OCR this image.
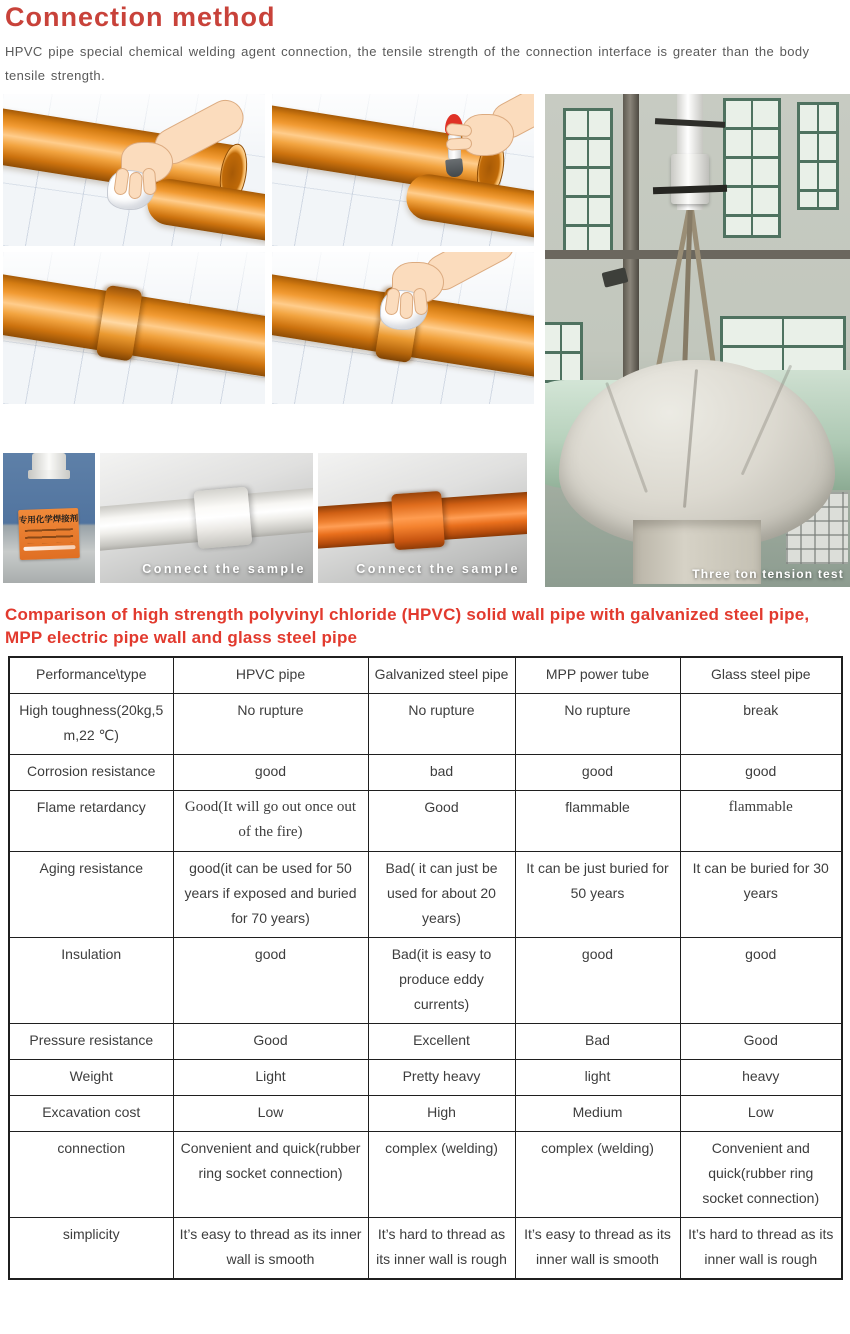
Connection method

HPVC pipe special chemical welding agent connection, the tensile strength of the connection interface is greater than the body tensile strength.

专用化学焊接剂
Connect the sample	Connect the sample	Three ton tension test
Comparison of high strength polyvinyl chloride (HPVC) solid wall pipe with galvanized steel pipe, MPP electric pipe wall and glass steel pipe
Performance\type	HPVC pipe	Galvanized steel pipe	MPP power tube	Glass steel pipe
High toughness(20kg,5 m,22 ℃)	No rupture	No rupture	No rupture	break
Corrosion resistance	good	bad	good	good
Flame retardancy	Good(It will go out once out of the fire)	Good	flammable	flammable
Aging resistance	good(it can be used for 50 years if exposed and buried for 70 years)	Bad( it can just be used for about 20 years)	It can be just buried for 50 years	It can be buried for 30 years
Insulation	good	Bad(it is easy to produce eddy currents)	good	good
Pressure resistance	Good	Excellent	Bad	Good
Weight	Light	Pretty heavy	light	heavy
Excavation cost	Low	High	Medium	Low
connection	Convenient and quick(rubber ring socket connection)	complex (welding)	complex (welding)	Convenient and quick(rubber ring socket connection)
simplicity	It’s easy to thread as its inner wall is smooth	It’s hard to thread as its inner wall is rough	It’s easy to thread as its inner wall is smooth	It’s hard to thread as its inner wall is rough
